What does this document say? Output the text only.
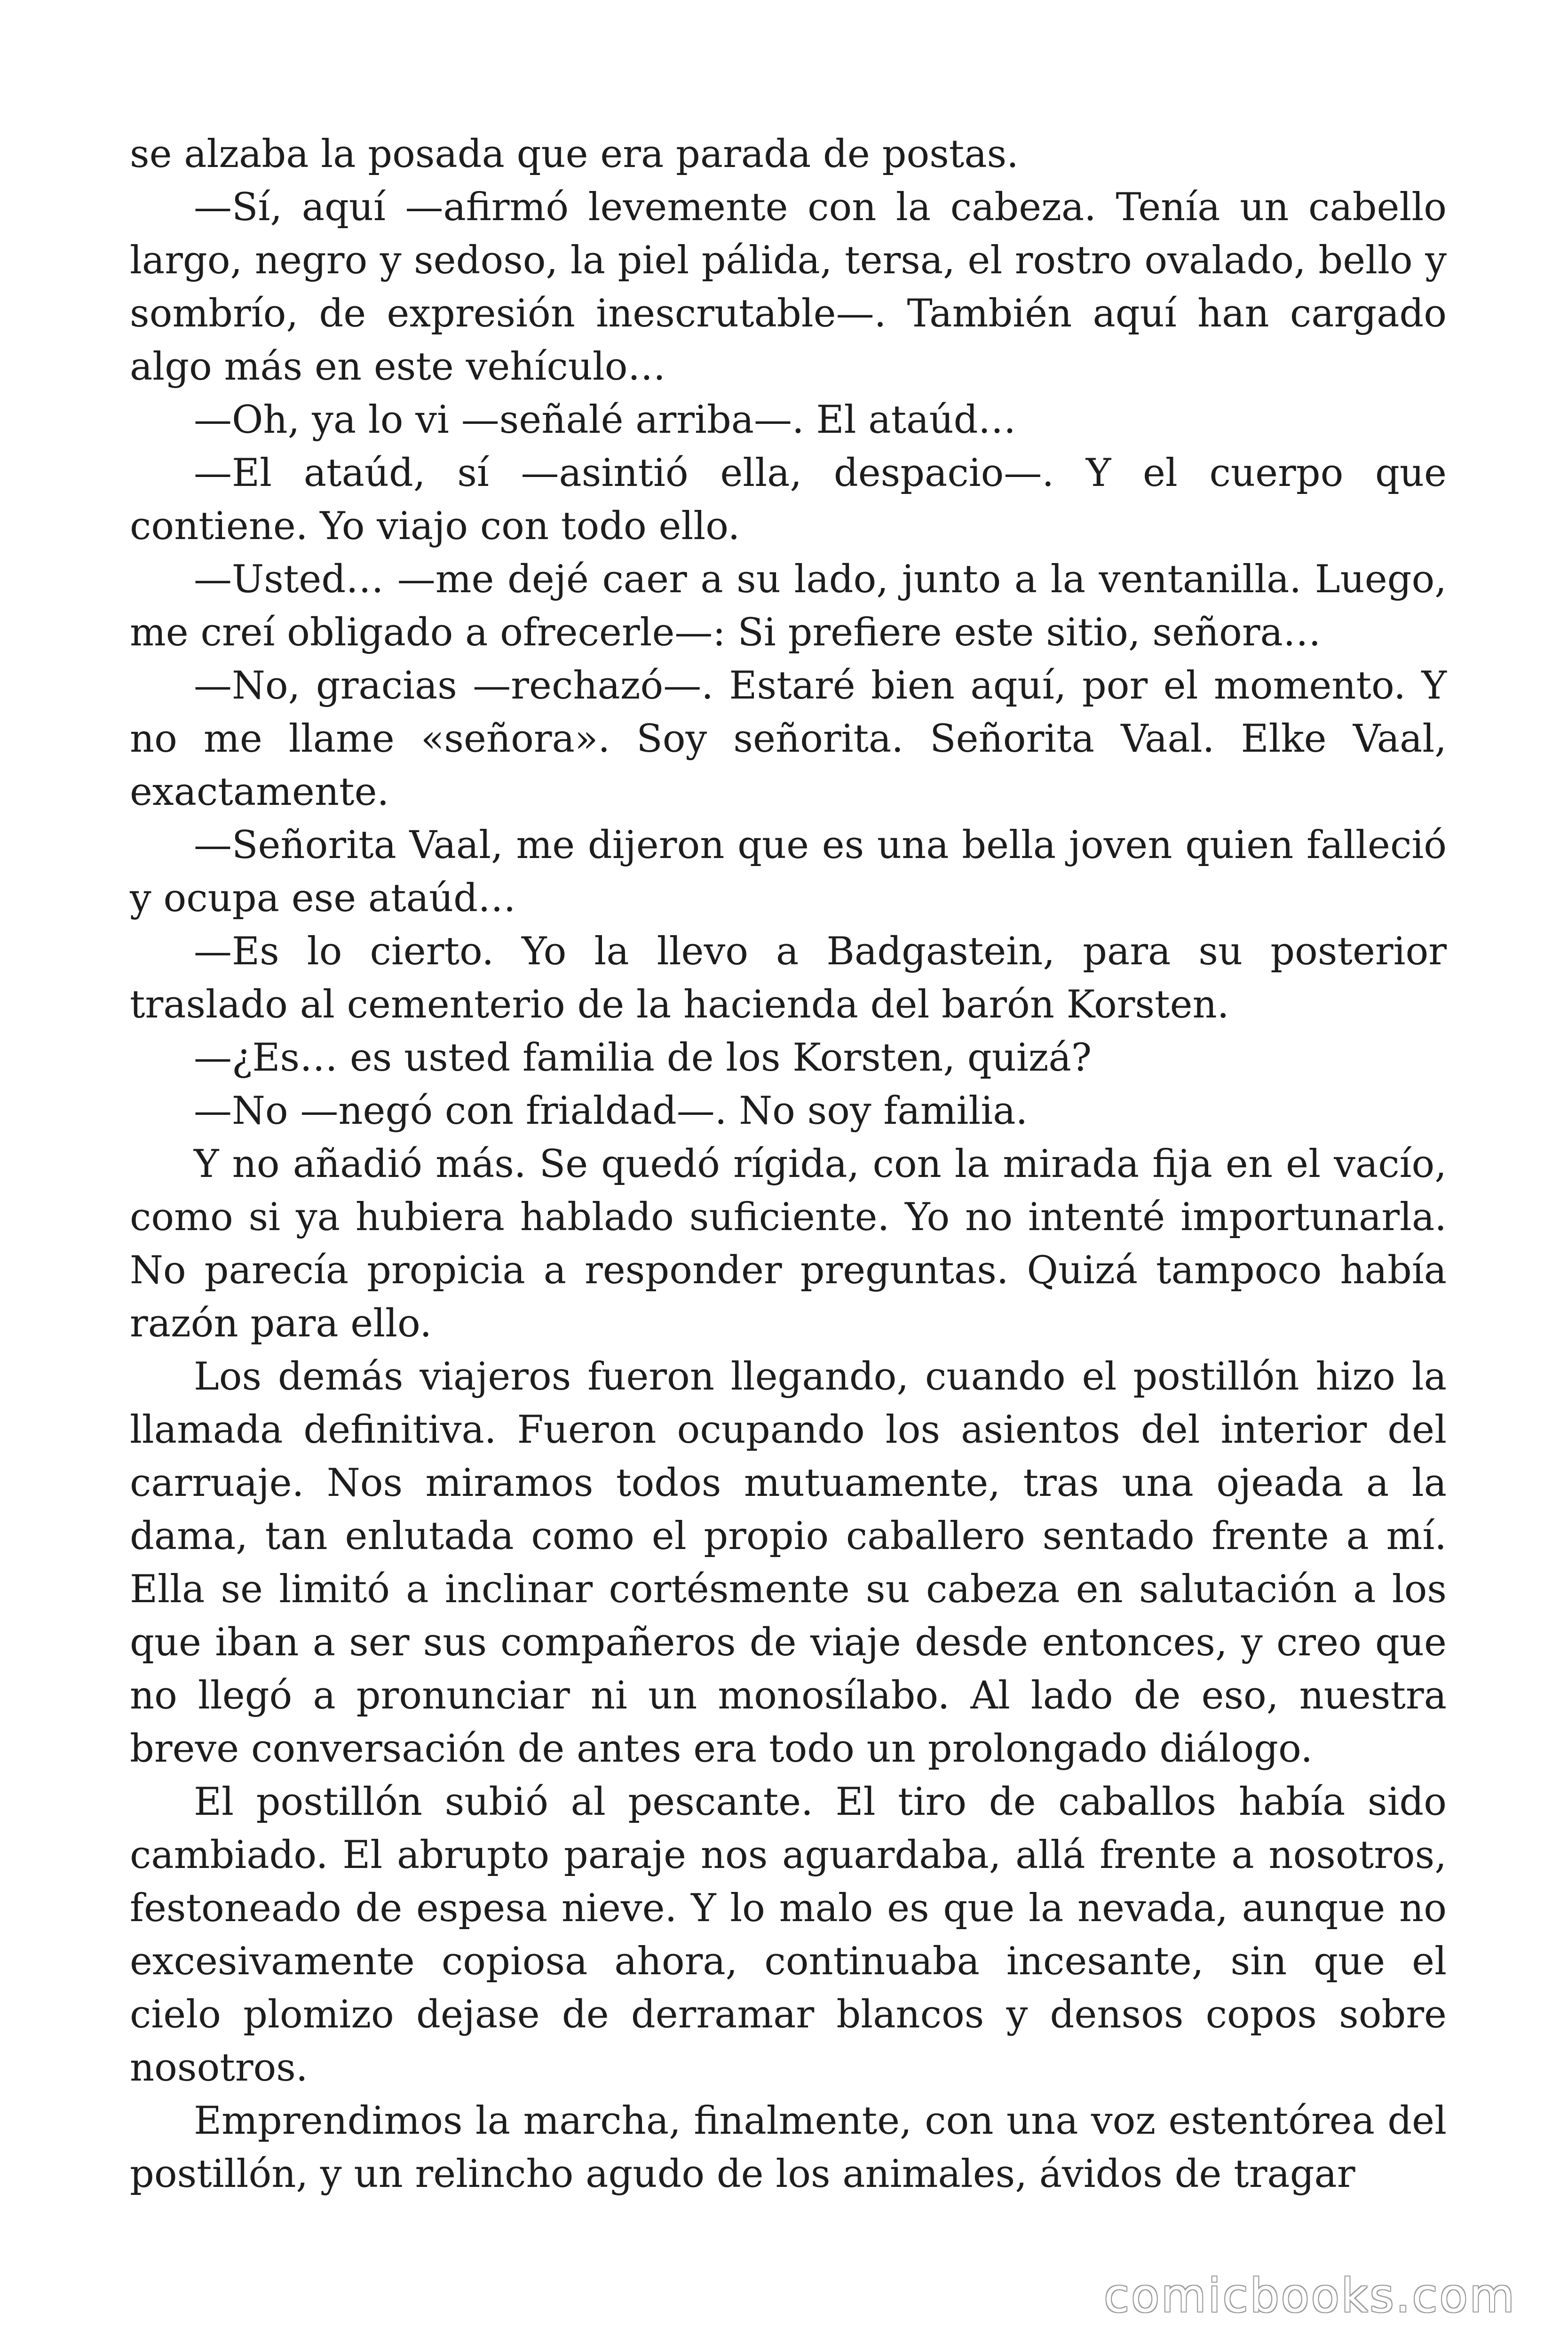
se alzaba la posada que era parada de postas.

—Sí, aquí —afirmó levemente con la cabeza. Tenía un cabello largo, negro y sedoso, la piel pálida, tersa, el rostro ovalado, bello y sombrío, de expresión inescrutable—. También aquí han cargado algo más en este vehículo…

—Oh, ya lo vi —señalé arriba—. El ataúd…

—El ataúd, sí —asintió ella, despacio—. Y el cuerpo que contiene. Yo viajo con todo ello.

—Usted… —me dejé caer a su lado, junto a la ventanilla. Luego, me creí obligado a ofrecerle—: Si prefiere este sitio, señora…

—No, gracias —rechazó—. Estaré bien aquí, por el momento. Y no me llame «señora». Soy señorita. Señorita Vaal. Elke Vaal, exactamente.

—Señorita Vaal, me dijeron que es una bella joven quien falleció y ocupa ese ataúd…

—Es lo cierto. Yo la llevo a Badgastein, para su posterior traslado al cementerio de la hacienda del barón Korsten.

—¿Es… es usted familia de los Korsten, quizá?

—No —negó con frialdad—. No soy familia.

Y no añadió más. Se quedó rígida, con la mirada fija en el vacío, como si ya hubiera hablado suficiente. Yo no intenté importunarla. No parecía propicia a responder preguntas. Quizá tampoco había razón para ello.

Los demás viajeros fueron llegando, cuando el postillón hizo la llamada definitiva. Fueron ocupando los asientos del interior del carruaje. Nos miramos todos mutuamente, tras una ojeada a la dama, tan enlutada como el propio caballero sentado frente a mí. Ella se limitó a inclinar cortésmente su cabeza en salutación a los que iban a ser sus compañeros de viaje desde entonces, y creo que no llegó a pronunciar ni un monosílabo. Al lado de eso, nuestra breve conversación de antes era todo un prolongado diálogo.

El postillón subió al pescante. El tiro de caballos había sido cambiado. El abrupto paraje nos aguardaba, allá frente a nosotros, festoneado de espesa nieve. Y lo malo es que la nevada, aunque no excesivamente copiosa ahora, continuaba incesante, sin que el cielo plomizo dejase de derramar blancos y densos copos sobre nosotros.

Emprendimos la marcha, finalmente, con una voz estentórea del postillón, y un relincho agudo de los animales, ávidos de tragar

comicbooks.com
